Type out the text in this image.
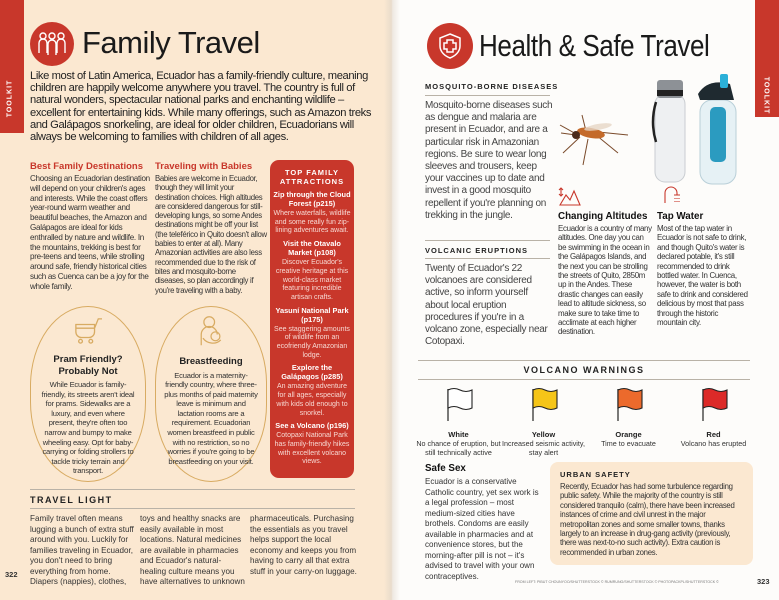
TOOLKIT
Family Travel
Like most of Latin America, Ecuador has a family-friendly culture, meaning children are happily welcome anywhere you travel. The country is full of natural wonders, spectacular national parks and enchanting wildlife – excellent for entertaining kids. While many offerings, such as Amazon treks and Galápagos snorkeling, are ideal for older children, Ecuadorians will always be welcoming to families with children of all ages.
Best Family Destinations
Choosing an Ecuadorian destination will depend on your children's ages and interests. While the coast offers year-round warm weather and beautiful beaches, the Amazon and Galápagos are ideal for kids enthralled by nature and wildlife. In the mountains, trekking is best for pre-teens and teens, while strolling around safe, friendly historical cities such as Cuenca can be a joy for the whole family.
Traveling with Babies
Babies are welcome in Ecuador, though they will limit your destination choices. High altitudes are considered dangerous for still-developing lungs, so some Andes destinations might be off your list (the teleférico in Quito doesn't allow babies to enter at all). Many Amazonian activities are also less recommended due to the risk of bites and mosquito-borne diseases, so plan accordingly if you're traveling with a baby.
TOP FAMILY ATTRACTIONS
Zip through the Cloud Forest (p215)
Where waterfalls, wildlife and some really fun zip-lining adventures await.
Visit the Otavalo Market (p108)
Discover Ecuador's creative heritage at this world-class market featuring incredible artisan crafts.
Yasuní National Park (p175)
See staggering amounts of wildlife from an ecofriendly Amazonian lodge.
Explore the Galápagos (p285)
An amazing adventure for all ages, especially with kids old enough to snorkel.
See a Volcano (p196)
Cotopaxi National Park has family-friendly hikes with excellent volcano views.
Pram Friendly? Probably Not
While Ecuador is family-friendly, its streets aren't ideal for prams. Sidewalks are a luxury, and even where present, they're often too narrow and bumpy to make wheeling easy. Opt for baby-carrying or folding strollers to tackle tricky terrain and transport.
Breastfeeding
Ecuador is a maternity-friendly country, where three-plus months of paid maternity leave is minimum and lactation rooms are a requirement. Ecuadorian women breastfeed in public with no restriction, so no worries if you're going to be breastfeeding on your visit.
TRAVEL LIGHT
Family travel often means lugging a bunch of extra stuff around with you. Luckily for families traveling in Ecuador, you don't need to bring everything from home. Diapers (nappies), clothes,
toys and healthy snacks are easily available in most locations. Natural medicines are available in pharmacies and Ecuador's natural-healing culture means you have alternatives to unknown
pharmaceuticals. Purchasing the essentials as you travel helps support the local economy and keeps you from having to carry all that extra stuff in your carry-on luggage.
322
TOOLKIT
Health & Safe Travel
MOSQUITO-BORNE DISEASES
Mosquito-borne diseases such as dengue and malaria are present in Ecuador, and are a particular risk in Amazonian regions. Be sure to wear long sleeves and trousers, keep your vaccines up to date and invest in a good mosquito repellent if you're planning on trekking in the jungle.
VOLCANIC ERUPTIONS
Twenty of Ecuador's 22 volcanoes are considered active, so inform yourself about local eruption procedures if you're in a volcano zone, especially near Cotopaxi.
Changing Altitudes
Ecuador is a country of many altitudes. One day you can be swimming in the ocean in the Galápagos Islands, and the next you can be strolling the streets of Quito, 2850m up in the Andes. These drastic changes can easily lead to altitude sickness, so make sure to take time to acclimate at each higher destination.
Tap Water
Most of the tap water in Ecuador is not safe to drink, and though Quito's water is declared potable, it's still recommended to drink bottled water. In Cuenca, however, the water is both safe to drink and considered delicious by most that pass through the historic mountain city.
VOLCANO WARNINGS
White
No chance of eruption, but still technically active
Yellow
Increased seismic activity, stay alert
Orange
Time to evacuate
Red
Volcano has erupted
Safe Sex
Ecuador is a conservative Catholic country, yet sex work is a legal profession – most medium-sized cities have brothels. Condoms are easily available in pharmacies and at convenience stores, but the morning-after pill is not – it's advised to travel with your own contraceptives.
URBAN SAFETY
Recently, Ecuador has had some turbulence regarding public safety. While the majority of the country is still considered tranquilo (calm), there have been increased instances of crime and civil unrest in the major metropolitan zones and some smaller towns, thanks largely to an increase in drug-gang activity (previously, there was next-to-no such activity). Extra caution is recommended in urban zones.
FROM LEFT: PIBUT CHOUNYOO/SHUTTERSTOCK © RUMRUNG/SHUTTERSTOCK © PHOTOPACKPL/SHUTTERSTOCK ©	323
